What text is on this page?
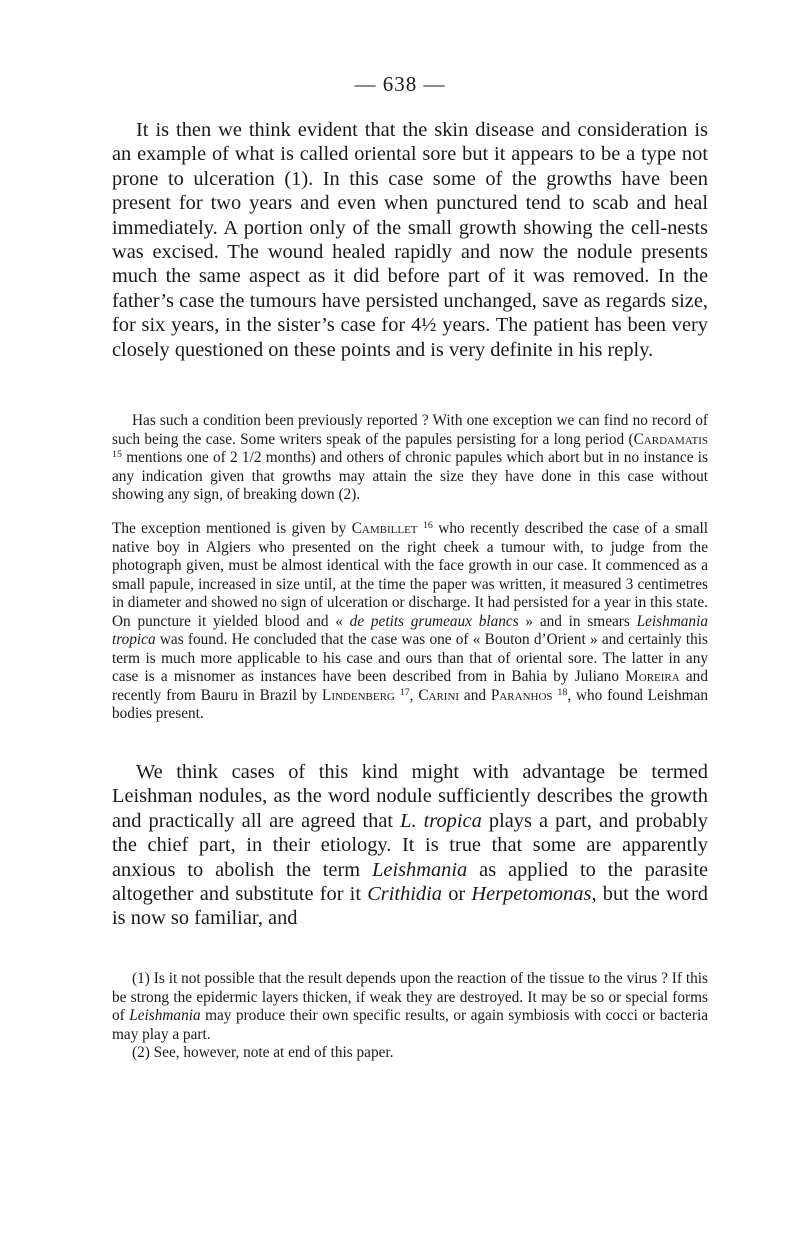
— 638 —

It is then we think evident that the skin disease and consideration is an example of what is called oriental sore but it appears to be a type not prone to ulceration (1). In this case some of the growths have been present for two years and even when punctured tend to scab and heal immediately. A portion only of the small growth showing the cell-nests was excised. The wound healed rapidly and now the nodule presents much the same aspect as it did before part of it was removed. In the father’s case the tumours have persisted unchanged, save as regards size, for six years, in the sister’s case for 4½ years. The patient has been very closely questioned on these points and is very definite in his reply.

Has such a condition been previously reported ? With one exception we can find no record of such being the case. Some writers speak of the papules persisting for a long period (Cardamatis $^{15}$ mentions one of 2 1/2 months) and others of chronic papules which abort but in no instance is any indication given that growths may attain the size they have done in this case without showing any sign, of breaking down (2).

The exception mentioned is given by Cambillet $^{16}$ who recently described the case of a small native boy in Algiers who presented on the right cheek a tumour with, to judge from the photograph given, must be almost identical with the face growth in our case. It commenced as a small papule, increased in size until, at the time the paper was written, it measured 3 centimetres in diameter and showed no sign of ulceration or discharge. It had persisted for a year in this state. On puncture it yielded blood and « de petits grumeaux blancs » and in smears Leishmania tropica was found. He concluded that the case was one of « Bouton d’Orient » and certainly this term is much more applicable to his case and ours than that of oriental sore. The latter in any case is a misnomer as instances have been described from in Bahia by Juliano Moreira and recently from Bauru in Brazil by Lindenberg $^{17}$, Carini and Paranhos $^{18}$, who found Leishman bodies present.

We think cases of this kind might with advantage be termed Leishman nodules, as the word nodule sufficiently describes the growth and practically all are agreed that L. tropica plays a part, and probably the chief part, in their etiology. It is true that some are apparently anxious to abolish the term Leishmania as applied to the parasite altogether and substitute for it Crithidia or Herpetomonas, but the word is now so familiar, and

(1) Is it not possible that the result depends upon the reaction of the tissue to the virus ? If this be strong the epidermic layers thicken, if weak they are destroyed. It may be so or special forms of Leishmania may produce their own specific results, or again symbiosis with cocci or bacteria may play a part.

(2) See, however, note at end of this paper.
